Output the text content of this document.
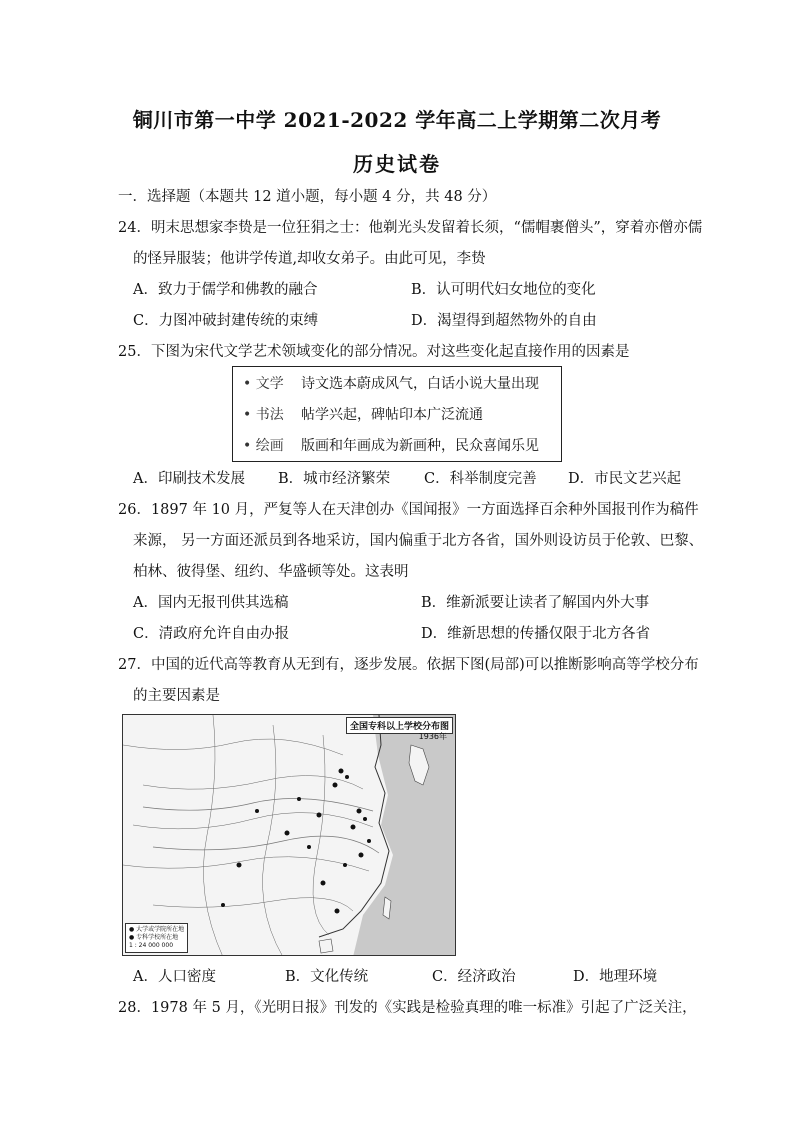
铜川市第一中学 2021-2022 学年高二上学期第二次月考
历史试卷
一．选择题（本题共 12 道小题，每小题 4 分，共 48 分）
24．明末思想家李贽是一位狂狷之士：他剃光头发留着长须，“儒帽裹僧头”，穿着亦僧亦儒
的怪异服装；他讲学传道,却收女弟子。由此可见，李贽
A．致力于儒学和佛教的融合	B．认可明代妇女地位的变化
C．力图冲破封建传统的束缚	D．渴望得到超然物外的自由
25．下图为宋代文学艺术领域变化的部分情况。对这些变化起直接作用的因素是
• 文学 诗文选本蔚成风气，白话小说大量出现
• 书法 帖学兴起，碑帖印本广泛流通
• 绘画 版画和年画成为新画种，民众喜闻乐见
A．印刷技术发展 B．城市经济繁荣 C．科举制度完善 D．市民文艺兴起
26．1897 年 10 月，严复等人在天津创办《国闻报》一方面选择百余种外国报刊作为稿件
来源， 另一方面还派员到各地采访，国内偏重于北方各省，国外则设访员于伦敦、巴黎、
柏林、彼得堡、纽约、华盛顿等处。这表明
A．国内无报刊供其选稿	B．维新派要让读者了解国内外大事
C．清政府允许自由办报	D．维新思想的传播仅限于北方各省
27．中国的近代高等教育从无到有，逐步发展。依据下图(局部)可以推断影响高等学校分布
的主要因素是
全国专科以上学校分布图
1936年
● 大学或学院所在地
● 专科学校所在地
1 : 24 000 000
A．人口密度	B．文化传统	C．经济政治	D．地理环境
28．1978 年 5 月，《光明日报》刊发的《实践是检验真理的唯一标准》引起了广泛关注，
